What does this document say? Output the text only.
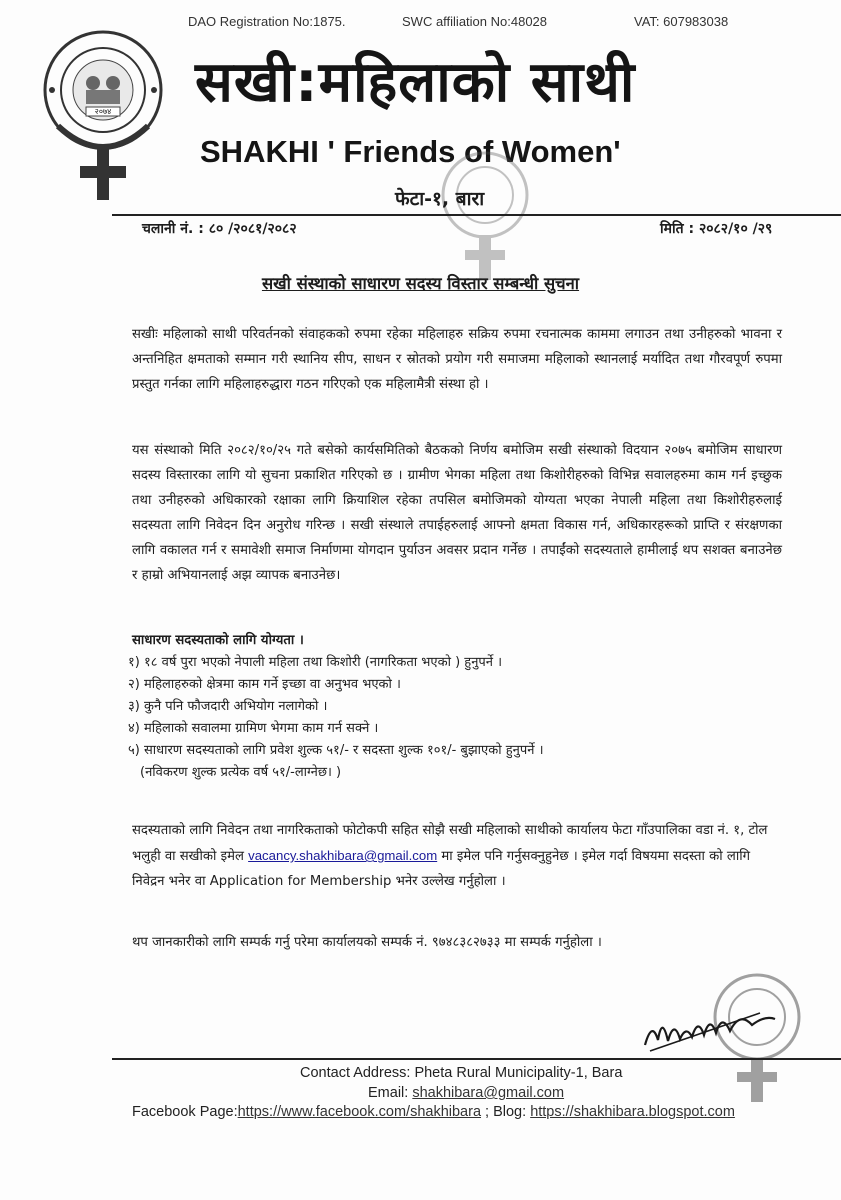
DAO Registration No:1875.	SWC affiliation No:48028	VAT: 607983038
२०७४ सखी:महिलाको साथी
SHAKHI ' Friends of Women'
फेटा-१, बारा
चलानी नं. : ८० /२०८१/२०८२	मिति : २०८२/१० /२९
सखी संस्थाको साधारण सदस्य विस्तार सम्बन्धी सुचना
सखीः महिलाको साथी परिवर्तनको संवाहकको रुपमा रहेका महिलाहरु सक्रिय रुपमा रचनात्मक काममा लगाउन तथा उनीहरुको भावना र अन्तनिहित क्षमताको सम्मान गरी स्थानिय सीप, साधन र स्रोतको प्रयोग गरी समाजमा महिलाको स्थानलाई मर्यादित तथा गौरवपूर्ण रुपमा प्रस्तुत गर्नका लागि महिलाहरुद्धारा गठन गरिएको एक महिलामैत्री संस्था हो ।
यस संस्थाको मिति २०८२/१०/२५ गते बसेको कार्यसमितिको बैठकको निर्णय बमोजिम सखी संस्थाको विदयान २०७५ बमोजिम साधारण सदस्य विस्तारका लागि यो सुचना प्रकाशित गरिएको छ । ग्रामीण भेगका महिला तथा किशोरीहरुको विभिन्न सवालहरुमा काम गर्न इच्छुक तथा उनीहरुको अधिकारको रक्षाका लागि क्रियाशिल रहेका तपसिल बमोजिमको योग्यता भएका नेपाली महिला तथा किशोरीहरुलाई सदस्यता लागि निवेदन दिन अनुरोध गरिन्छ । सखी संस्थाले तपाईहरुलाई आफ्नो क्षमता विकास गर्न, अधिकारहरूको प्राप्ति र संरक्षणका लागि वकालत गर्न र समावेशी समाज निर्माणमा योगदान पुर्याउन अवसर प्रदान गर्नेछ । तपाईंको सदस्यताले हामीलाई थप सशक्त बनाउनेछ र हाम्रो अभियानलाई अझ व्यापक बनाउनेछ।
साधारण सदस्यताको लागि योग्यता ।
१) १८ वर्ष पुरा भएको नेपाली महिला तथा किशोरी (नागरिकता भएको ) हुनुपर्ने ।
२) महिलाहरुको क्षेत्रमा काम गर्ने इच्छा वा अनुभव भएको ।
३) कुनै पनि फौजदारी अभियोग नलागेको ।
४) महिलाको सवालमा ग्रामिण भेगमा काम गर्न सक्ने ।
५) साधारण सदस्यताको लागि प्रवेश शुल्क ५१/- र सदस्ता शुल्क १०१/- बुझाएको हुनुपर्ने ।
(नविकरण शुल्क प्रत्येक वर्ष ५१/-लाग्नेछ। )
सदस्यताको लागि निवेदन तथा नागरिकताको फोटोकपी सहित सोझै सखी महिलाको साथीको कार्यालय फेटा गाँउपालिका वडा नं. १, टोल भलुही वा सखीको इमेल vacancy.shakhibara@gmail.com मा इमेल पनि गर्नुसक्नुहुनेछ । इमेल गर्दा विषयमा सदस्ता को लागि निवेद्रन भनेर वा Application for Membership भनेर उल्लेख गर्नुहोला ।
थप जानकारीको लागि सम्पर्क गर्नु परेमा कार्यालयको सम्पर्क नं. ९७४८३८२७३३ मा सम्पर्क गर्नुहोला ।
Contact Address: Pheta Rural Municipality-1, Bara
Email: shakhibara@gmail.com
Facebook Page:https://www.facebook.com/shakhibara ; Blog: https://shakhibara.blogspot.com
